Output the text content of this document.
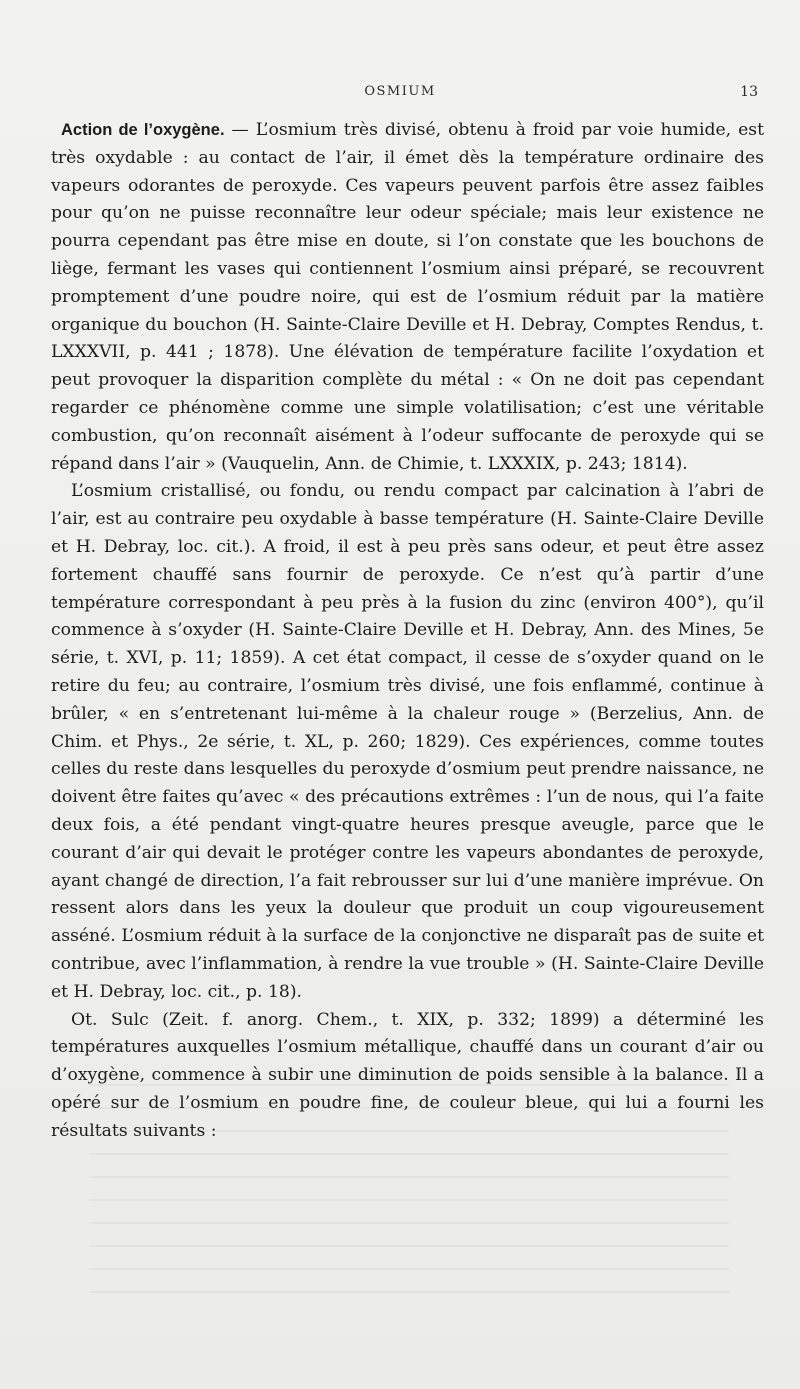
OSMIUM	13

Action de l’oxygène. — L’osmium très divisé, obtenu à froid par voie humide, est très oxydable : au contact de l’air, il émet dès la température ordinaire des vapeurs odorantes de peroxyde. Ces vapeurs peuvent parfois être assez faibles pour qu’on ne puisse reconnaître leur odeur spéciale; mais leur existence ne pourra cependant pas être mise en doute, si l’on constate que les bouchons de liège, fermant les vases qui contiennent l’osmium ainsi préparé, se recouvrent promptement d’une poudre noire, qui est de l’osmium réduit par la matière organique du bouchon (H. Sainte-Claire Deville et H. Debray, Comptes Rendus, t. LXXXVII, p. 441 ; 1878). Une élévation de température facilite l’oxydation et peut provoquer la disparition complète du métal : « On ne doit pas cependant regarder ce phénomène comme une simple volatilisation; c’est une véritable combustion, qu’on reconnaît aisément à l’odeur suffocante de peroxyde qui se répand dans l’air » (Vauquelin, Ann. de Chimie, t. LXXXIX, p. 243; 1814).

L’osmium cristallisé, ou fondu, ou rendu compact par calcination à l’abri de l’air, est au contraire peu oxydable à basse température (H. Sainte-Claire Deville et H. Debray, loc. cit.). A froid, il est à peu près sans odeur, et peut être assez fortement chauffé sans fournir de peroxyde. Ce n’est qu’à partir d’une température correspondant à peu près à la fusion du zinc (environ 400°), qu’il commence à s’oxyder (H. Sainte-Claire Deville et H. Debray, Ann. des Mines, 5e série, t. XVI, p. 11; 1859). A cet état compact, il cesse de s’oxyder quand on le retire du feu; au contraire, l’osmium très divisé, une fois enflammé, continue à brûler, « en s’entretenant lui-même à la chaleur rouge » (Berzelius, Ann. de Chim. et Phys., 2e série, t. XL, p. 260; 1829). Ces expériences, comme toutes celles du reste dans lesquelles du peroxyde d’osmium peut prendre naissance, ne doivent être faites qu’avec « des précautions extrêmes : l’un de nous, qui l’a faite deux fois, a été pendant vingt-quatre heures presque aveugle, parce que le courant d’air qui devait le protéger contre les vapeurs abondantes de peroxyde, ayant changé de direction, l’a fait rebrousser sur lui d’une manière imprévue. On ressent alors dans les yeux la douleur que produit un coup vigoureusement asséné. L’osmium réduit à la surface de la conjonctive ne disparaît pas de suite et contribue, avec l’inflammation, à rendre la vue trouble » (H. Sainte-Claire Deville et H. Debray, loc. cit., p. 18).

Ot. Sulc (Zeit. f. anorg. Chem., t. XIX, p. 332; 1899) a déterminé les températures auxquelles l’osmium métallique, chauffé dans un courant d’air ou d’oxygène, commence à subir une diminution de poids sensible à la balance. Il a opéré sur de l’osmium en poudre fine, de couleur bleue, qui lui a fourni les résultats suivants :
